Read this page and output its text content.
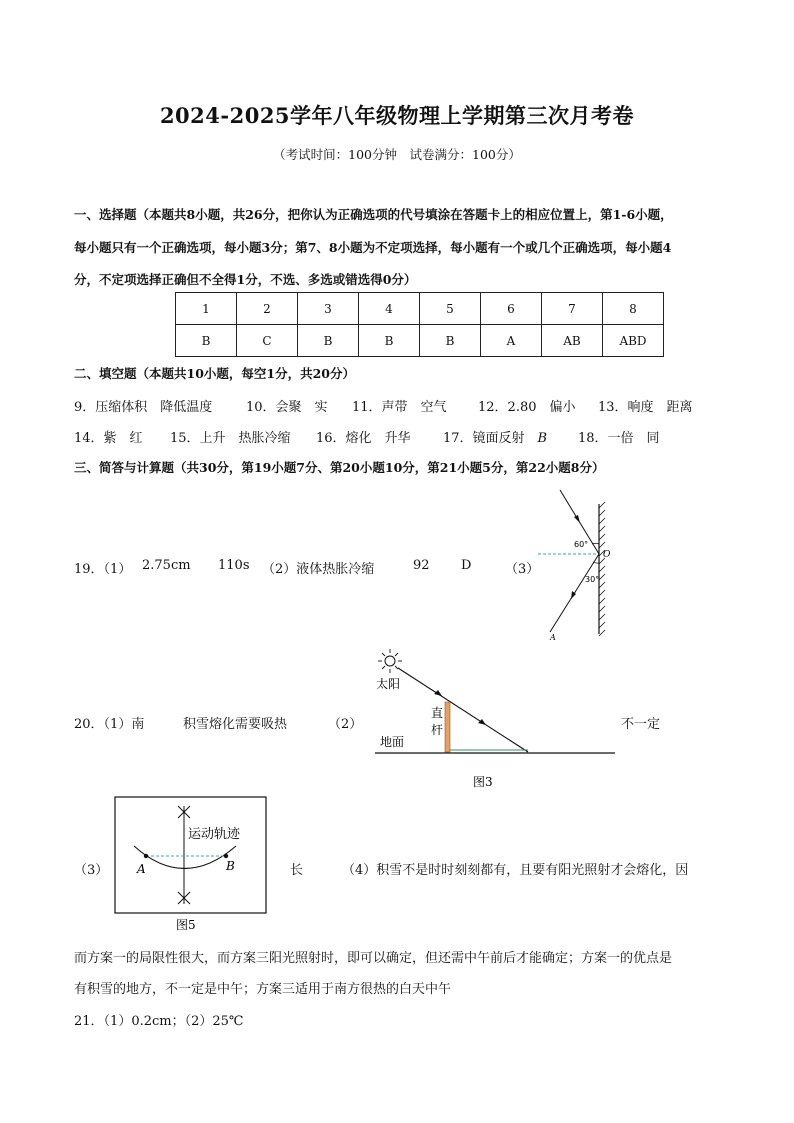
2024-2025学年八年级物理上学期第三次月考卷
（考试时间：100分钟　试卷满分：100分）
一、选择题（本题共8小题，共26分，把你认为正确选项的代号填涂在答题卡上的相应位置上，第1-6小题，
每小题只有一个正确选项，每小题3分；第7、8小题为不定项选择，每小题有一个或几个正确选项，每小题4
分，不定项选择正确但不全得1分，不选、多选或错选得0分）
1	2	3	4	5	6	7	8
B	C	B	B	B	A	AB	ABD
二、填空题（本题共10小题，每空1分，共20分）
9．压缩体积　降低温度	10．会聚　实 11．声带　空气 12．2.80　偏小 13．响度　距离
14．紫　红 15．上升　热胀冷缩 16．熔化　升华 17．镜面反射　B 18．一倍　同
三、简答与计算题（共30分，第19小题7分、第20小题10分，第21小题5分，第22小题8分）
19．（1） 2.75cm 110s （2）液体热胀冷缩	92 D	（3）
60°
30°
O
A
20．（1）南	积雪熔化需要吸热	（2）	不一定
太阳
直
杆
地面
图3
（3）	长	（4）积雪不是时时刻刻都有，且要有阳光照射才会熔化，因
运动轨迹
A	B
图5
而方案一的局限性很大，而方案三阳光照射时，即可以确定，但还需中午前后才能确定；方案一的优点是
有积雪的地方，不一定是中午；方案三适用于南方很热的白天中午
21．（1）0.2cm；（2）25℃
